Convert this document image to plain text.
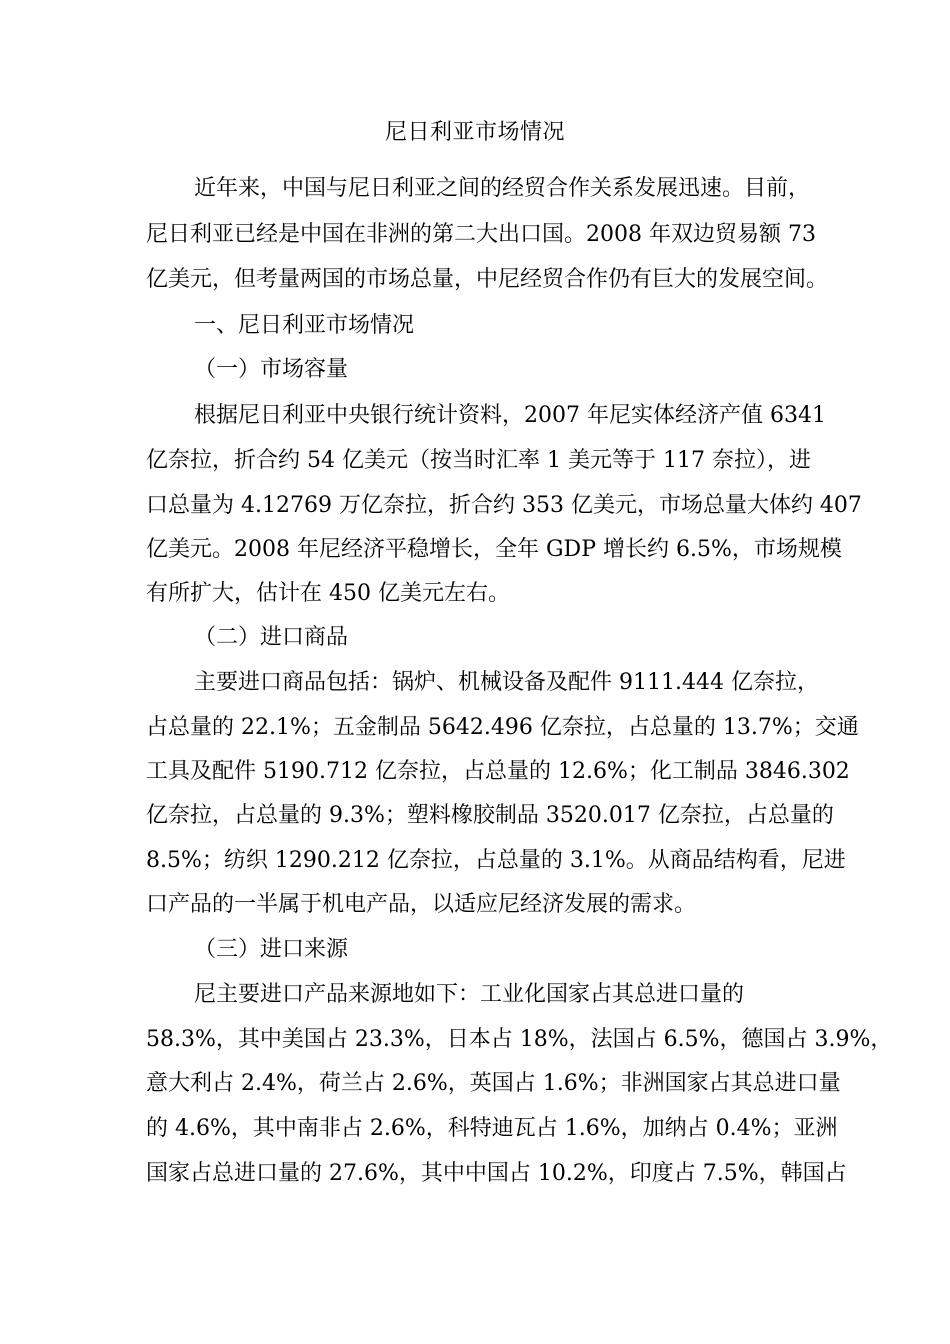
尼日利亚市场情况
近年来，中国与尼日利亚之间的经贸合作关系发展迅速。目前，
尼日利亚已经是中国在非洲的第二大出口国。2008 年双边贸易额 73
亿美元，但考量两国的市场总量，中尼经贸合作仍有巨大的发展空间。
一、尼日利亚市场情况
（一）市场容量
根据尼日利亚中央银行统计资料，2007 年尼实体经济产值 6341
亿奈拉，折合约 54 亿美元（按当时汇率 1 美元等于 117 奈拉），进
口总量为 4.12769 万亿奈拉，折合约 353 亿美元，市场总量大体约 407
亿美元。2008 年尼经济平稳增长，全年 GDP 增长约 6.5%，市场规模
有所扩大，估计在 450 亿美元左右。
（二）进口商品
主要进口商品包括：锅炉、机械设备及配件 9111.444 亿奈拉，
占总量的 22.1%；五金制品 5642.496 亿奈拉，占总量的 13.7%；交通
工具及配件 5190.712 亿奈拉，占总量的 12.6%；化工制品 3846.302
亿奈拉，占总量的 9.3%；塑料橡胶制品 3520.017 亿奈拉，占总量的
8.5%；纺织 1290.212 亿奈拉，占总量的 3.1%。从商品结构看，尼进
口产品的一半属于机电产品，以适应尼经济发展的需求。
（三）进口来源
尼主要进口产品来源地如下：工业化国家占其总进口量的
58.3%，其中美国占 23.3%，日本占 18%，法国占 6.5%，德国占 3.9%，
意大利占 2.4%，荷兰占 2.6%，英国占 1.6%；非洲国家占其总进口量
的 4.6%，其中南非占 2.6%，科特迪瓦占 1.6%，加纳占 0.4%；亚洲
国家占总进口量的 27.6%，其中中国占 10.2%，印度占 7.5%，韩国占
